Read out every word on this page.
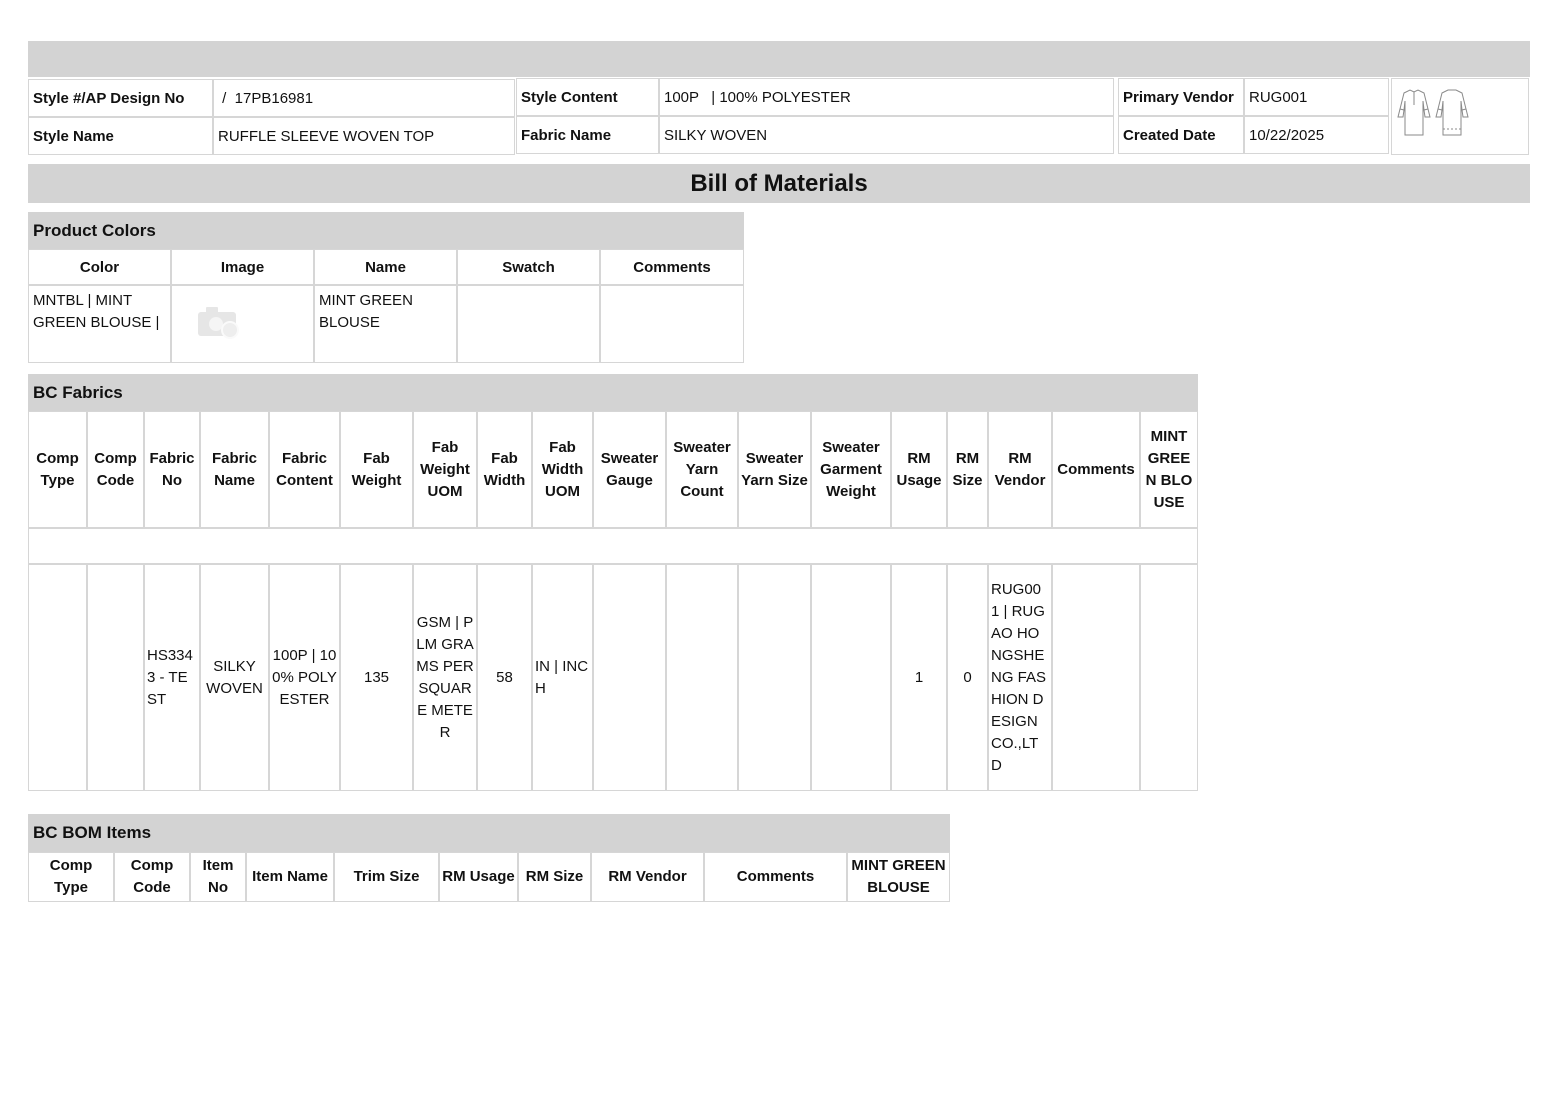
Style #/AP Design No	/  17PB16981
Style Name	RUFFLE SLEEVE WOVEN TOP
Style Content	100P   | 100% POLYESTER
Fabric Name	SILKY WOVEN
Primary Vendor	RUG001
Created Date	10/22/2025
Bill of Materials
Product Colors
Color	Image	Name	Swatch	Comments
MNTBL | MINT GREEN BLOUSE |		MINT GREEN BLOUSE		
BC Fabrics
Comp Type	Comp Code	Fabric No	Fabric Name	Fabric Content	Fab Weight	Fab Weight UOM	Fab Width	Fab Width UOM	Sweater Gauge	Sweater Yarn Count	Sweater Yarn Size	Sweater Garment Weight	RM Usage	RM Size	RM Vendor	Comments	MINT GREEN BLOUSE

		HS3343 - TEST	SILKY WOVEN	100P | 100% POLYESTER	135	GSM | PLM GRAMS PER SQUARE METER	58	IN | INCH					1	0	RUG001 | RUGAO HONGSHENG FASHION DESIGN CO.,LTD		
BC BOM Items
Comp Type	Comp Code	Item No	Item Name	Trim Size	RM Usage	RM Size	RM Vendor	Comments	MINT GREEN BLOUSE
